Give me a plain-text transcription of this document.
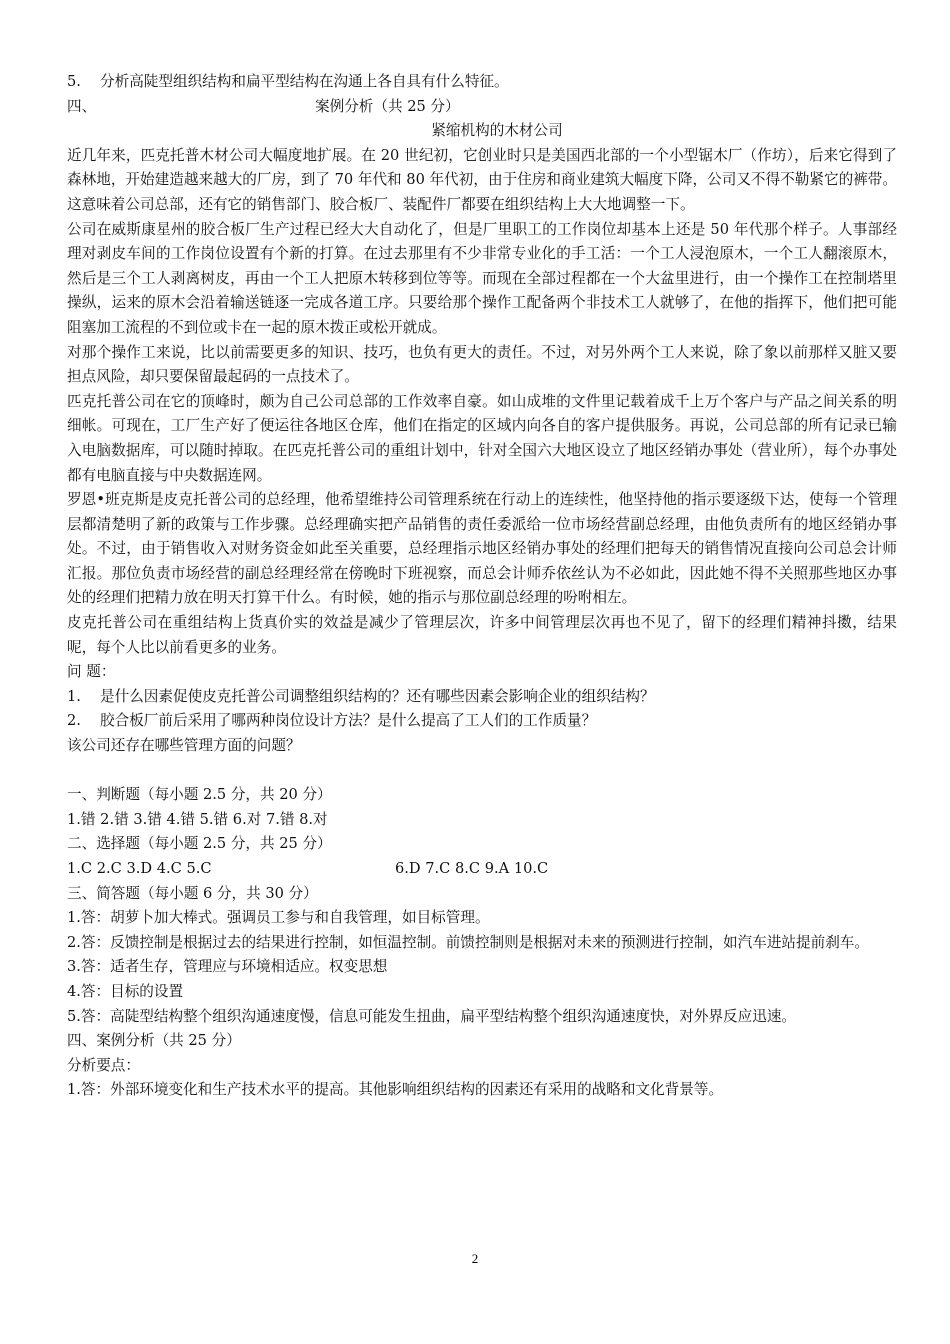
5. 分析高陡型组织结构和扁平型结构在沟通上各自具有什么特征。

四、	案例分析（共 25 分）

紧缩机构的木材公司

近几年来，匹克托普木材公司大幅度地扩展。在 20 世纪初，它创业时只是美国西北部的一个小型锯木厂（作坊），后来它得到了森林地，开始建造越来越大的厂房，到了 70 年代和 80 年代初，由于住房和商业建筑大幅度下降，公司又不得不勒紧它的裤带。这意味着公司总部，还有它的销售部门、胶合板厂、装配件厂都要在组织结构上大大地调整一下。

公司在威斯康星州的胶合板厂生产过程已经大大自动化了，但是厂里职工的工作岗位却基本上还是 50 年代那个样子。人事部经理对剥皮车间的工作岗位设置有个新的打算。在过去那里有不少非常专业化的手工活：一个工人浸泡原木，一个工人翻滚原木，然后是三个工人剥离树皮，再由一个工人把原木转移到位等等。而现在全部过程都在一个大盆里进行，由一个操作工在控制塔里操纵，运来的原木会沿着输送链逐一完成各道工序。只要给那个操作工配备两个非技术工人就够了，在他的指挥下，他们把可能阻塞加工流程的不到位或卡在一起的原木拨正或松开就成。

对那个操作工来说，比以前需要更多的知识、技巧，也负有更大的责任。不过，对另外两个工人来说，除了象以前那样又脏又要担点风险，却只要保留最起码的一点技术了。

匹克托普公司在它的顶峰时，颇为自己公司总部的工作效率自豪。如山成堆的文件里记载着成千上万个客户与产品之间关系的明细帐。可现在，工厂生产好了便运往各地区仓库，他们在指定的区域内向各自的客户提供服务。再说，公司总部的所有记录已输入电脑数据库，可以随时掉取。在匹克托普公司的重组计划中，针对全国六大地区设立了地区经销办事处（营业所），每个办事处都有电脑直接与中央数据连网。

罗恩•班克斯是皮克托普公司的总经理，他希望维持公司管理系统在行动上的连续性，他坚持他的指示要逐级下达，使每一个管理层都清楚明了新的政策与工作步骤。总经理确实把产品销售的责任委派给一位市场经营副总经理，由他负责所有的地区经销办事处。不过，由于销售收入对财务资金如此至关重要，总经理指示地区经销办事处的经理们把每天的销售情况直接向公司总会计师汇报。那位负责市场经营的副总经理经常在傍晚时下班视察，而总会计师乔依丝认为不必如此，因此她不得不关照那些地区办事处的经理们把精力放在明天打算干什么。有时候，她的指示与那位副总经理的吩咐相左。

皮克托普公司在重组结构上货真价实的效益是减少了管理层次，许多中间管理层次再也不见了，留下的经理们精神抖擞，结果呢，每个人比以前看更多的业务。

问 题：

1. 是什么因素促使皮克托普公司调整组织结构的？还有哪些因素会影响企业的组织结构？

2. 胶合板厂前后采用了哪两种岗位设计方法？是什么提高了工人们的工作质量？

该公司还存在哪些管理方面的问题？

一、判断题（每小题 2.5 分，共 20 分）

1.错 2.错 3.错 4.错 5.错 6.对 7.错 8.对

二、选择题（每小题 2.5 分，共 25 分）

1.C 2.C 3.D 4.C 5.C	6.D 7.C 8.C 9.A 10.C

三、简答题（每小题 6 分，共 30 分）

1.答：胡萝卜加大棒式。强调员工参与和自我管理，如目标管理。

2.答：反馈控制是根据过去的结果进行控制，如恒温控制。前馈控制则是根据对未来的预测进行控制，如汽车进站提前刹车。

3.答：适者生存，管理应与环境相适应。权变思想

4.答：目标的设置

5.答：高陡型结构整个组织沟通速度慢，信息可能发生扭曲，扁平型结构整个组织沟通速度快，对外界反应迅速。

四、案例分析（共 25 分）

分析要点：

1.答：外部环境变化和生产技术水平的提高。其他影响组织结构的因素还有采用的战略和文化背景等。

2
